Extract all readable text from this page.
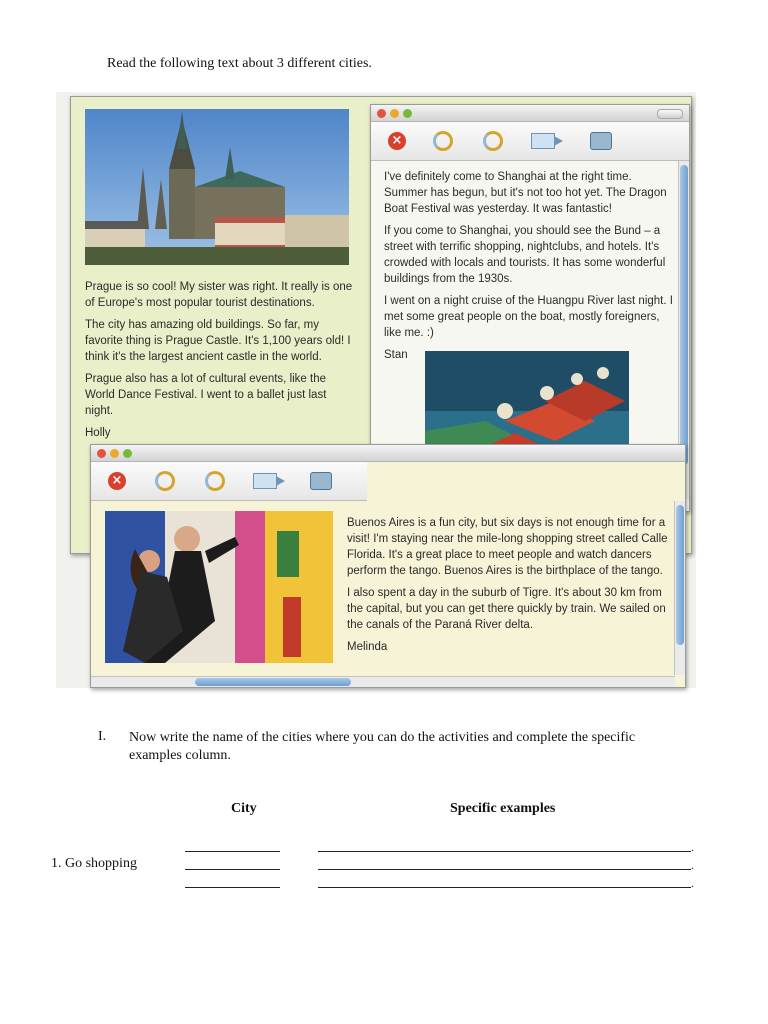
Read the following text about 3 different cities.

Prague is so cool! My sister was right. It really is one of Europe's most popular tourist destinations.

The city has amazing old buildings. So far, my favorite thing is Prague Castle. It's 1,100 years old! I think it's the largest ancient castle in the world.

Prague also has a lot of cultural events, like the World Dance Festival. I went to a ballet just last night.

Holly
×

I've definitely come to Shanghai at the right time. Summer has begun, but it's not too hot yet. The Dragon Boat Festival was yesterday. It was fantastic!

If you come to Shanghai, you should see the Bund – a street with terrific shopping, nightclubs, and hotels. It's crowded with locals and tourists. It has some wonderful buildings from the 1930s.

I went on a night cruise of the Huangpu River last night. I met some great people on the boat, mostly foreigners, like me. :)

Stan
×

Buenos Aires is a fun city, but six days is not enough time for a visit! I'm staying near the mile-long shopping street called Calle Florida. It's a great place to meet people and watch dancers perform the tango. Buenos Aires is the birthplace of the tango.

I also spent a day in the suburb of Tigre. It's about 30 km from the capital, but you can get there quickly by train. We sailed on the canals of the Paraná River delta.

Melinda
I. Now write the name of the cities where you can do the activities and complete the specific examples column.
City	Specific examples
1. Go shopping
.
.
.
